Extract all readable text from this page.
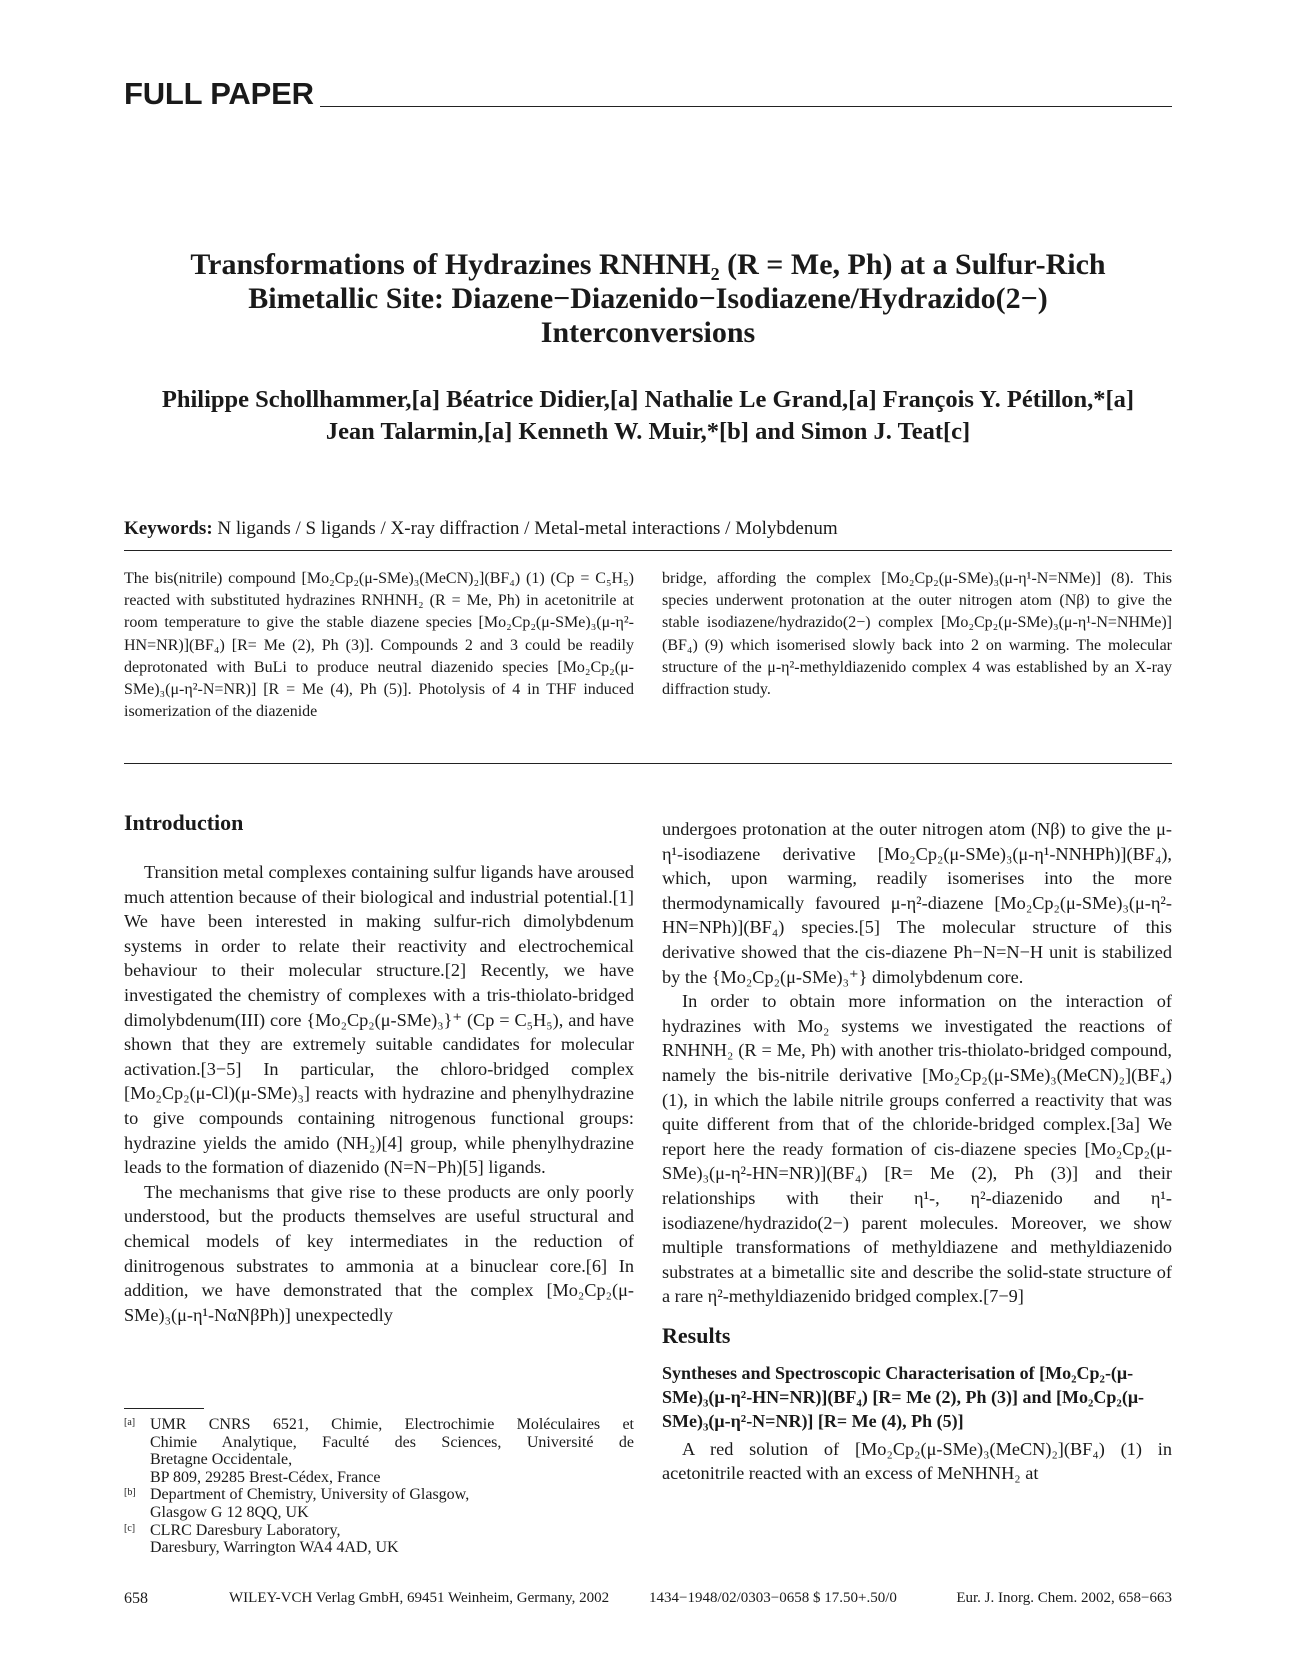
FULL PAPER
Transformations of Hydrazines RNHNH₂ (R = Me, Ph) at a Sulfur-Rich
Bimetallic Site: Diazene−Diazenido−Isodiazene/Hydrazido(2−)
Interconversions
Philippe Schollhammer,[a] Béatrice Didier,[a] Nathalie Le Grand,[a] François Y. Pétillon,*[a]
Jean Talarmin,[a] Kenneth W. Muir,*[b] and Simon J. Teat[c]
Keywords: N ligands / S ligands / X-ray diffraction / Metal-metal interactions / Molybdenum
The bis(nitrile) compound [Mo₂Cp₂(μ-SMe)₃(MeCN)₂](BF₄) (1) (Cp = C₅H₅) reacted with substituted hydrazines RNHNH₂ (R = Me, Ph) in acetonitrile at room temperature to give the stable diazene species [Mo₂Cp₂(μ-SMe)₃(μ-η²-HN=NR)](BF₄) [R= Me (2), Ph (3)]. Compounds 2 and 3 could be readily deprotonated with BuLi to produce neutral diazenido species [Mo₂Cp₂(μ-SMe)₃(μ-η²-N=NR)] [R = Me (4), Ph (5)]. Photolysis of 4 in THF induced isomerization of the diazenide
bridge, affording the complex [Mo₂Cp₂(μ-SMe)₃(μ-η¹-N=NMe)] (8). This species underwent protonation at the outer nitrogen atom (Nβ) to give the stable isodiazene/hydrazido(2−) complex [Mo₂Cp₂(μ-SMe)₃(μ-η¹-N=NHMe)](BF₄) (9) which isomerised slowly back into 2 on warming. The molecular structure of the μ-η²-methyldiazenido complex 4 was established by an X-ray diffraction study.
Introduction

Transition metal complexes containing sulfur ligands have aroused much attention because of their biological and industrial potential.[1] We have been interested in making sulfur-rich dimolybdenum systems in order to relate their reactivity and electrochemical behaviour to their molecular structure.[2] Recently, we have investigated the chemistry of complexes with a tris-thiolato-bridged dimolybdenum(III) core {Mo₂Cp₂(μ-SMe)₃}⁺ (Cp = C₅H₅), and have shown that they are extremely suitable candidates for molecular activation.[3−5] In particular, the chloro-bridged complex [Mo₂Cp₂(μ-Cl)(μ-SMe)₃] reacts with hydrazine and phenylhydrazine to give compounds containing nitrogenous functional groups: hydrazine yields the amido (NH₂)[4] group, while phenylhydrazine leads to the formation of diazenido (N=N−Ph)[5] ligands.

The mechanisms that give rise to these products are only poorly understood, but the products themselves are useful structural and chemical models of key intermediates in the reduction of dinitrogenous substrates to ammonia at a binuclear core.[6] In addition, we have demonstrated that the complex [Mo₂Cp₂(μ-SMe)₃(μ-η¹-NαNβPh)] unexpectedly

undergoes protonation at the outer nitrogen atom (Nβ) to give the μ-η¹-isodiazene derivative [Mo₂Cp₂(μ-SMe)₃(μ-η¹-NNHPh)](BF₄), which, upon warming, readily isomerises into the more thermodynamically favoured μ-η²-diazene [Mo₂Cp₂(μ-SMe)₃(μ-η²-HN=NPh)](BF₄) species.[5] The molecular structure of this derivative showed that the cis-diazene Ph−N=N−H unit is stabilized by the {Mo₂Cp₂(μ-SMe)₃⁺} dimolybdenum core.

In order to obtain more information on the interaction of hydrazines with Mo₂ systems we investigated the reactions of RNHNH₂ (R = Me, Ph) with another tris-thiolato-bridged compound, namely the bis-nitrile derivative [Mo₂Cp₂(μ-SMe)₃(MeCN)₂](BF₄) (1), in which the labile nitrile groups conferred a reactivity that was quite different from that of the chloride-bridged complex.[3a] We report here the ready formation of cis-diazene species [Mo₂Cp₂(μ-SMe)₃(μ-η²-HN=NR)](BF₄) [R= Me (2), Ph (3)] and their relationships with their η¹-, η²-diazenido and η¹-isodiazene/hydrazido(2−) parent molecules. Moreover, we show multiple transformations of methyldiazene and methyldiazenido substrates at a bimetallic site and describe the solid-state structure of a rare η²-methyldiazenido bridged complex.[7−9]

Results
Syntheses and Spectroscopic Characterisation of [Mo₂Cp₂-(μ-SMe)₃(μ-η²-HN=NR)](BF₄) [R= Me (2), Ph (3)] and [Mo₂Cp₂(μ-SMe)₃(μ-η²-N=NR)] [R= Me (4), Ph (5)]

A red solution of [Mo₂Cp₂(μ-SMe)₃(MeCN)₂](BF₄) (1) in acetonitrile reacted with an excess of MeNHNH₂ at

[a] UMR CNRS 6521, Chimie, Electrochimie Moléculaires et
Chimie Analytique, Faculté des Sciences, Université de
Bretagne Occidentale,
BP 809, 29285 Brest-Cédex, France
[b] Department of Chemistry, University of Glasgow,
Glasgow G 12 8QQ, UK
[c] CLRC Daresbury Laboratory,
Daresbury, Warrington WA4 4AD, UK
658	WILEY-VCH Verlag GmbH, 69451 Weinheim, Germany, 2002	1434−1948/02/0303−0658 $ 17.50+.50/0	Eur. J. Inorg. Chem. 2002, 658−663
